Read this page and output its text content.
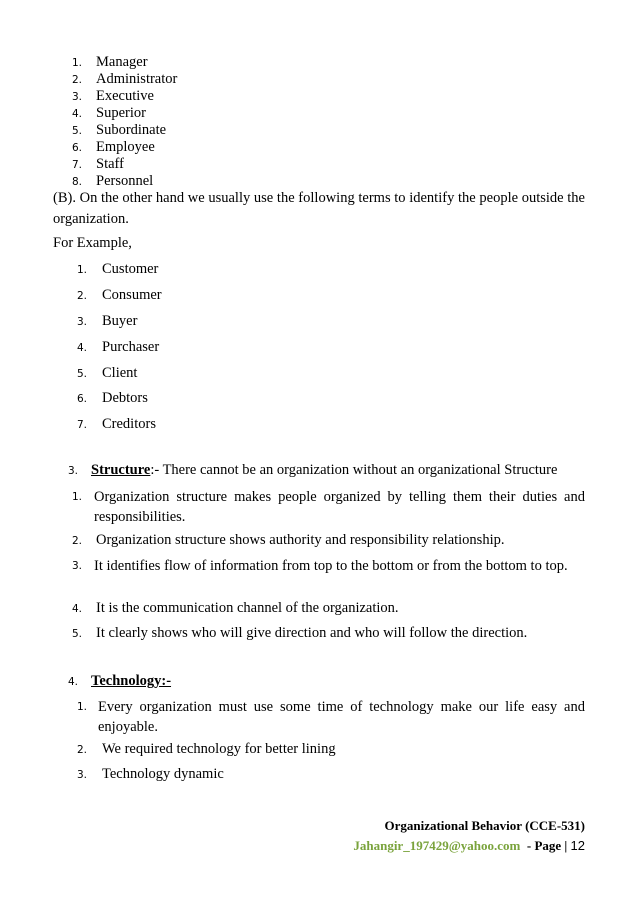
1. Manager
2. Administrator
3. Executive
4. Superior
5. Subordinate
6. Employee
7. Staff
8. Personnel
(B). On the other hand we usually use the following terms to identify the people outside the organization.
For Example,
1. Customer
2. Consumer
3. Buyer
4. Purchaser
5. Client
6. Debtors
7. Creditors
3. Structure:- There cannot be an organization without an organizational Structure
1. Organization structure makes people organized by telling them their duties and responsibilities.
2. Organization structure shows authority and responsibility relationship.
3. It identifies flow of information from top to the bottom or from the bottom to top.
4. It is the communication channel of the organization.
5. It clearly shows who will give direction and who will follow the direction.
4. Technology:-
1. Every organization must use some time of technology make our life easy and enjoyable.
2. We required technology for better lining
3. Technology dynamic
Organizational Behavior (CCE-531)
Jahangir_197429@yahoo.com - Page | 12
